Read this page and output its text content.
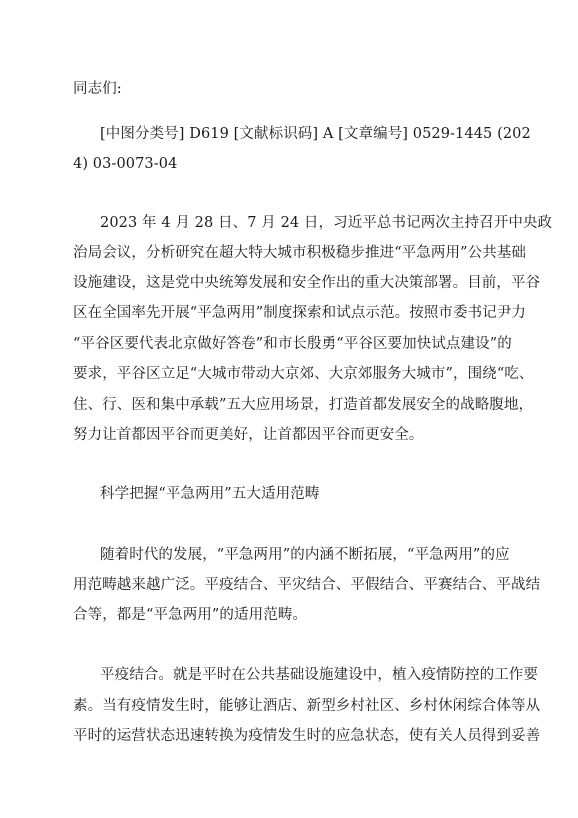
同志们:
[中图分类号] D619 [文献标识码] A [文章编号] 0529-1445 (202
4) 03-0073-04
2023 年 4 月 28 日、7 月 24 日，习近平总书记两次主持召开中央政
治局会议，分析研究在超大特大城市积极稳步推进“平急两用”公共基础
设施建设，这是党中央统筹发展和安全作出的重大决策部署。目前，平谷
区在全国率先开展“平急两用”制度探索和试点示范。按照市委书记尹力
“平谷区要代表北京做好答卷”和市长殷勇“平谷区要加快试点建设”的
要求，平谷区立足“大城市带动大京郊、大京郊服务大城市”，围绕“吃、
住、行、医和集中承载”五大应用场景，打造首都发展安全的战略腹地，
努力让首都因平谷而更美好，让首都因平谷而更安全。
科学把握“平急两用”五大适用范畴
随着时代的发展，“平急两用”的内涵不断拓展，“平急两用”的应
用范畴越来越广泛。平疫结合、平灾结合、平假结合、平赛结合、平战结
合等，都是“平急两用”的适用范畴。
平疫结合。就是平时在公共基础设施建设中，植入疫情防控的工作要
素。当有疫情发生时，能够让酒店、新型乡村社区、乡村休闲综合体等从
平时的运营状态迅速转换为疫情发生时的应急状态，使有关人员得到妥善
